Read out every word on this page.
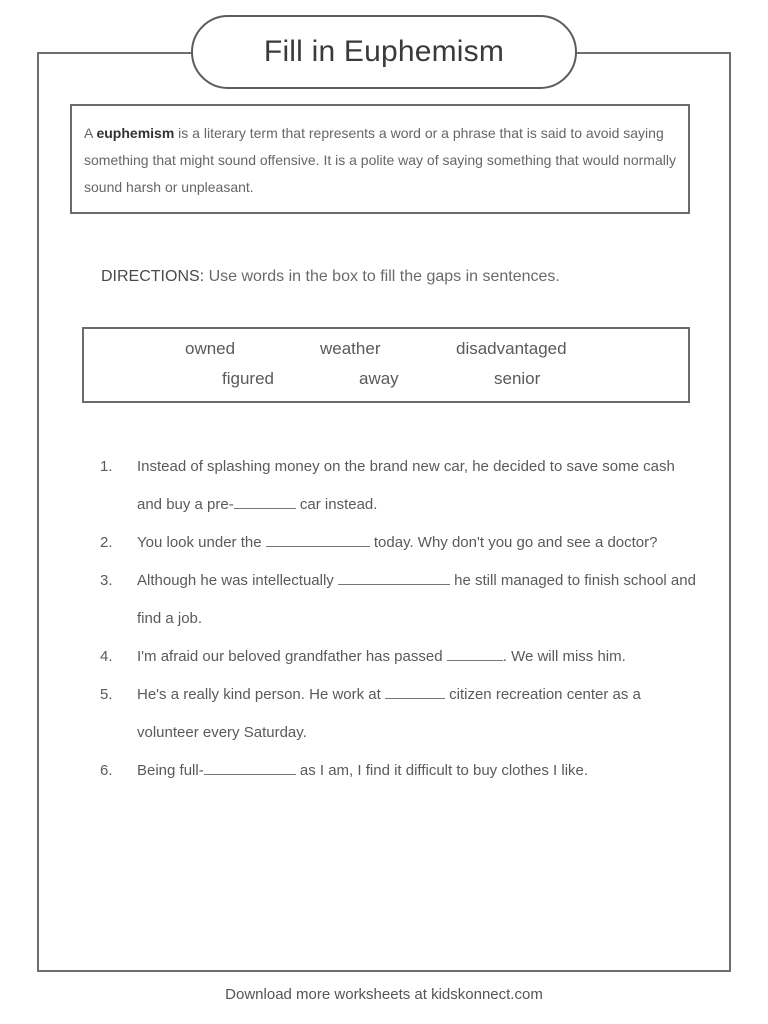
Fill in Euphemism
A euphemism is a literary term that represents a word or a phrase that is said to avoid saying something that might sound offensive. It is a polite way of saying something that would normally sound harsh or unpleasant.
DIRECTIONS: Use words in the box to fill the gaps in sentences.
owned	weather	disadvantaged
figured	away	senior
1. Instead of splashing money on the brand new car, he decided to save some cash and buy a pre-	car instead.
2. You look under the	today. Why don't you go and see a doctor?
3. Although he was intellectually	he still managed to finish school and find a job.
4. I'm afraid our beloved grandfather has passed	. We will miss him.
5. He's a really kind person. He work at	citizen recreation center as a volunteer every Saturday.
6. Being full-	as I am, I find it difficult to buy clothes I like.
Download more worksheets at kidskonnect.com
